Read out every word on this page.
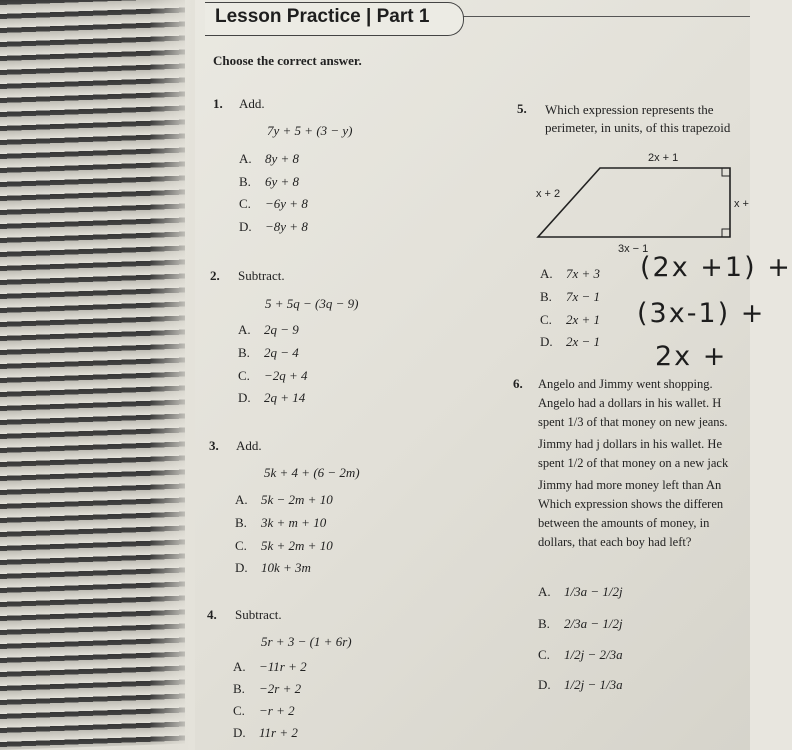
Lesson Practice | Part 1
Choose the correct answer.
1. Add.
7y + 5 + (3 − y)
A. 8y + 8
B. 6y + 8
C. −6y + 8
D. −8y + 8
2. Subtract.
5 + 5q − (3q − 9)
A. 2q − 9
B. 2q − 4
C. −2q + 4
D. 2q + 14
3. Add.
5k + 4 + (6 − 2m)
A. 5k − 2m + 10
B. 3k + m + 10
C. 5k + 2m + 10
D. 10k + 3m
4. Subtract.
5r + 3 − (1 + 6r)
A. −11r + 2
B. −2r + 2
C. −r + 2
D. 11r + 2
5. Which expression represents the
perimeter, in units, of this trapezoid
2x + 1
x + 2
x +
3x − 1
A. 7x + 3
B. 7x − 1
C. 2x + 1
D. 2x − 1
(2x +1) +
(3x-1) +
2x +
6. Angelo and Jimmy went shopping.
Angelo had a dollars in his wallet. H
spent 1/3 of that money on new jeans.
Jimmy had j dollars in his wallet. He
spent 1/2 of that money on a new jack
Jimmy had more money left than An
Which expression shows the differen
between the amounts of money, in
dollars, that each boy had left?
A. 1/3a − 1/2j
B. 2/3a − 1/2j
C. 1/2j − 2/3a
D. 1/2j − 1/3a
